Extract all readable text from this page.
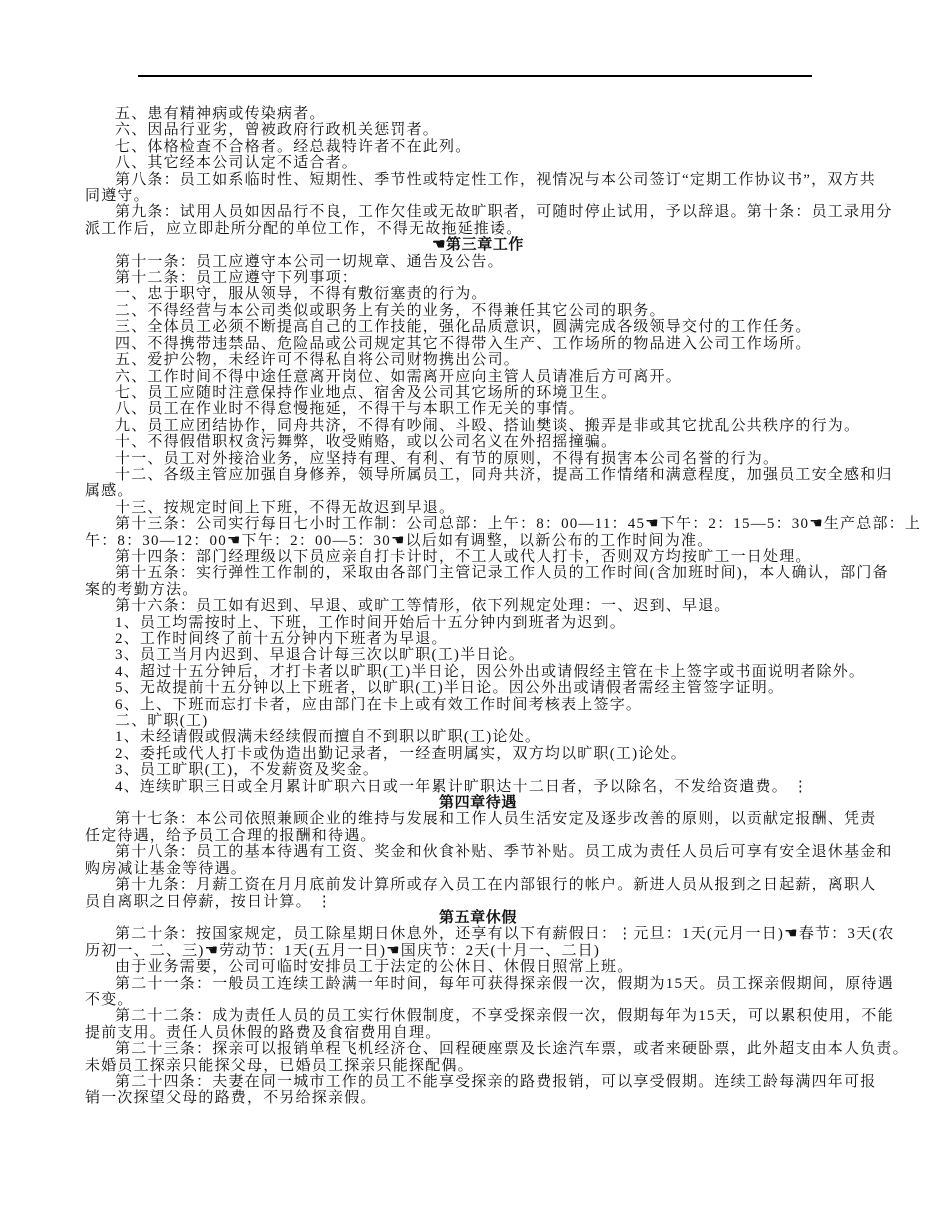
五、患有精神病或传染病者。
六、因品行亚劣，曾被政府行政机关惩罚者。
七、体格检查不合格者。经总裁特许者不在此列。
八、其它经本公司认定不适合者。
第八条：员工如系临时性、短期性、季节性或特定性工作，视情况与本公司签订“定期工作协议书”，双方共
同遵守。
第九条：试用人员如因品行不良，工作欠佳或无故旷职者，可随时停止试用，予以辞退。第十条：员工录用分
派工作后，应立即赴所分配的单位工作，不得无故拖延推诿。
☚第三章工作
第十一条：员工应遵守本公司一切规章、通告及公告。
第十二条：员工应遵守下列事项：
一、忠于职守，服从领导，不得有敷衍塞责的行为。
二、不得经营与本公司类似或职务上有关的业务，不得兼任其它公司的职务。
三、全体员工必须不断提高自己的工作技能，强化品质意识，圆满完成各级领导交付的工作任务。
四、不得携带违禁品、危险品或公司规定其它不得带入生产、工作场所的物品进入公司工作场所。
五、爱护公物，未经许可不得私自将公司财物携出公司。
六、工作时间不得中途任意离开岗位、如需离开应向主管人员请准后方可离开。
七、员工应随时注意保持作业地点、宿舍及公司其它场所的环境卫生。
八、员工在作业时不得怠慢拖延，不得干与本职工作无关的事情。
九、员工应团结协作，同舟共济，不得有吵闹、斗殴、搭讪樊谈、搬弄是非或其它扰乱公共秩序的行为。
十、不得假借职权贪污舞弊，收受贿赂，或以公司名义在外招摇撞骗。
十一、员工对外接洽业务，应坚持有理、有利、有节的原则，不得有损害本公司名誉的行为。
十二、各级主管应加强自身修养，领导所属员工，同舟共济，提高工作情绪和满意程度，加强员工安全感和归
属感。
十三、按规定时间上下班，不得无故迟到早退。
第十三条：公司实行每日七小时工作制：公司总部：上午：8：00—11：45☚下午：2：15—5：30☚生产总部：上
午：8：30—12：00☚下午：2：00—5：30☚以后如有调整，以新公布的工作时间为准。
第十四条：部门经理级以下员应亲自打卡计时，不工人或代人打卡，否则双方均按旷工一日处理。
第十五条：实行弹性工作制的，采取由各部门主管记录工作人员的工作时间(含加班时间)，本人确认，部门备
案的考勤方法。
第十六条：员工如有迟到、早退、或旷工等情形，依下列规定处理：一、迟到、早退。
1、员工均需按时上、下班，工作时间开始后十五分钟内到班者为迟到。
2、工作时间终了前十五分钟内下班者为早退。
3、员工当月内迟到、早退合计每三次以旷职(工)半日论。
4、超过十五分钟后，才打卡者以旷职(工)半日论，因公外出或请假经主管在卡上签字或书面说明者除外。
5、无故提前十五分钟以上下班者，以旷职(工)半日论。因公外出或请假者需经主管签字证明。
6、上、下班而忘打卡者，应由部门在卡上或有效工作时间考核表上签字。
二、旷职(工)
1、未经请假或假满未经续假而擅自不到职以旷职(工)论处。
2、委托或代人打卡或伪造出勤记录者，一经查明属实，双方均以旷职(工)论处。
3、员工旷职(工)，不发薪资及奖金。
4、连续旷职三日或全月累计旷职六日或一年累计旷职达十二日者，予以除名，不发给资遣费。 ⋮
第四章待遇
第十七条：本公司依照兼顾企业的维持与发展和工作人员生活安定及逐步改善的原则，以贡献定报酬、凭责
任定待遇，给予员工合理的报酬和待遇。
第十八条：员工的基本待遇有工资、奖金和伙食补贴、季节补贴。员工成为责任人员后可享有安全退休基金和
购房减让基金等待遇。
第十九条：月薪工资在月月底前发计算所或存入员工在内部银行的帐户。新进人员从报到之日起薪，离职人
员自离职之日停薪，按日计算。 ⋮
第五章休假
第二十条：按国家规定，员工除星期日休息外，还享有以下有薪假日：⋮元旦：1天(元月一日)☚春节：3天(农
历初一、二、三)☚劳动节：1天(五月一日)☚国庆节：2天(十月一、二日)
由于业务需要，公司可临时安排员工于法定的公休日、休假日照常上班。
第二十一条：一般员工连续工龄满一年时间，每年可获得探亲假一次，假期为15天。员工探亲假期间，原待遇
不变。
第二十二条：成为责任人员的员工实行休假制度，不享受探亲假一次，假期每年为15天，可以累积使用，不能
提前支用。责任人员休假的路费及食宿费用自理。
第二十三条：探亲可以报销单程飞机经济仓、回程硬座票及长途汽车票，或者来硬卧票，此外超支由本人负责。
未婚员工探亲只能探父母，已婚员工探亲只能探配偶。
第二十四条：夫妻在同一城市工作的员工不能享受探亲的路费报销，可以享受假期。连续工龄每满四年可报
销一次探望父母的路费，不另给探亲假。
